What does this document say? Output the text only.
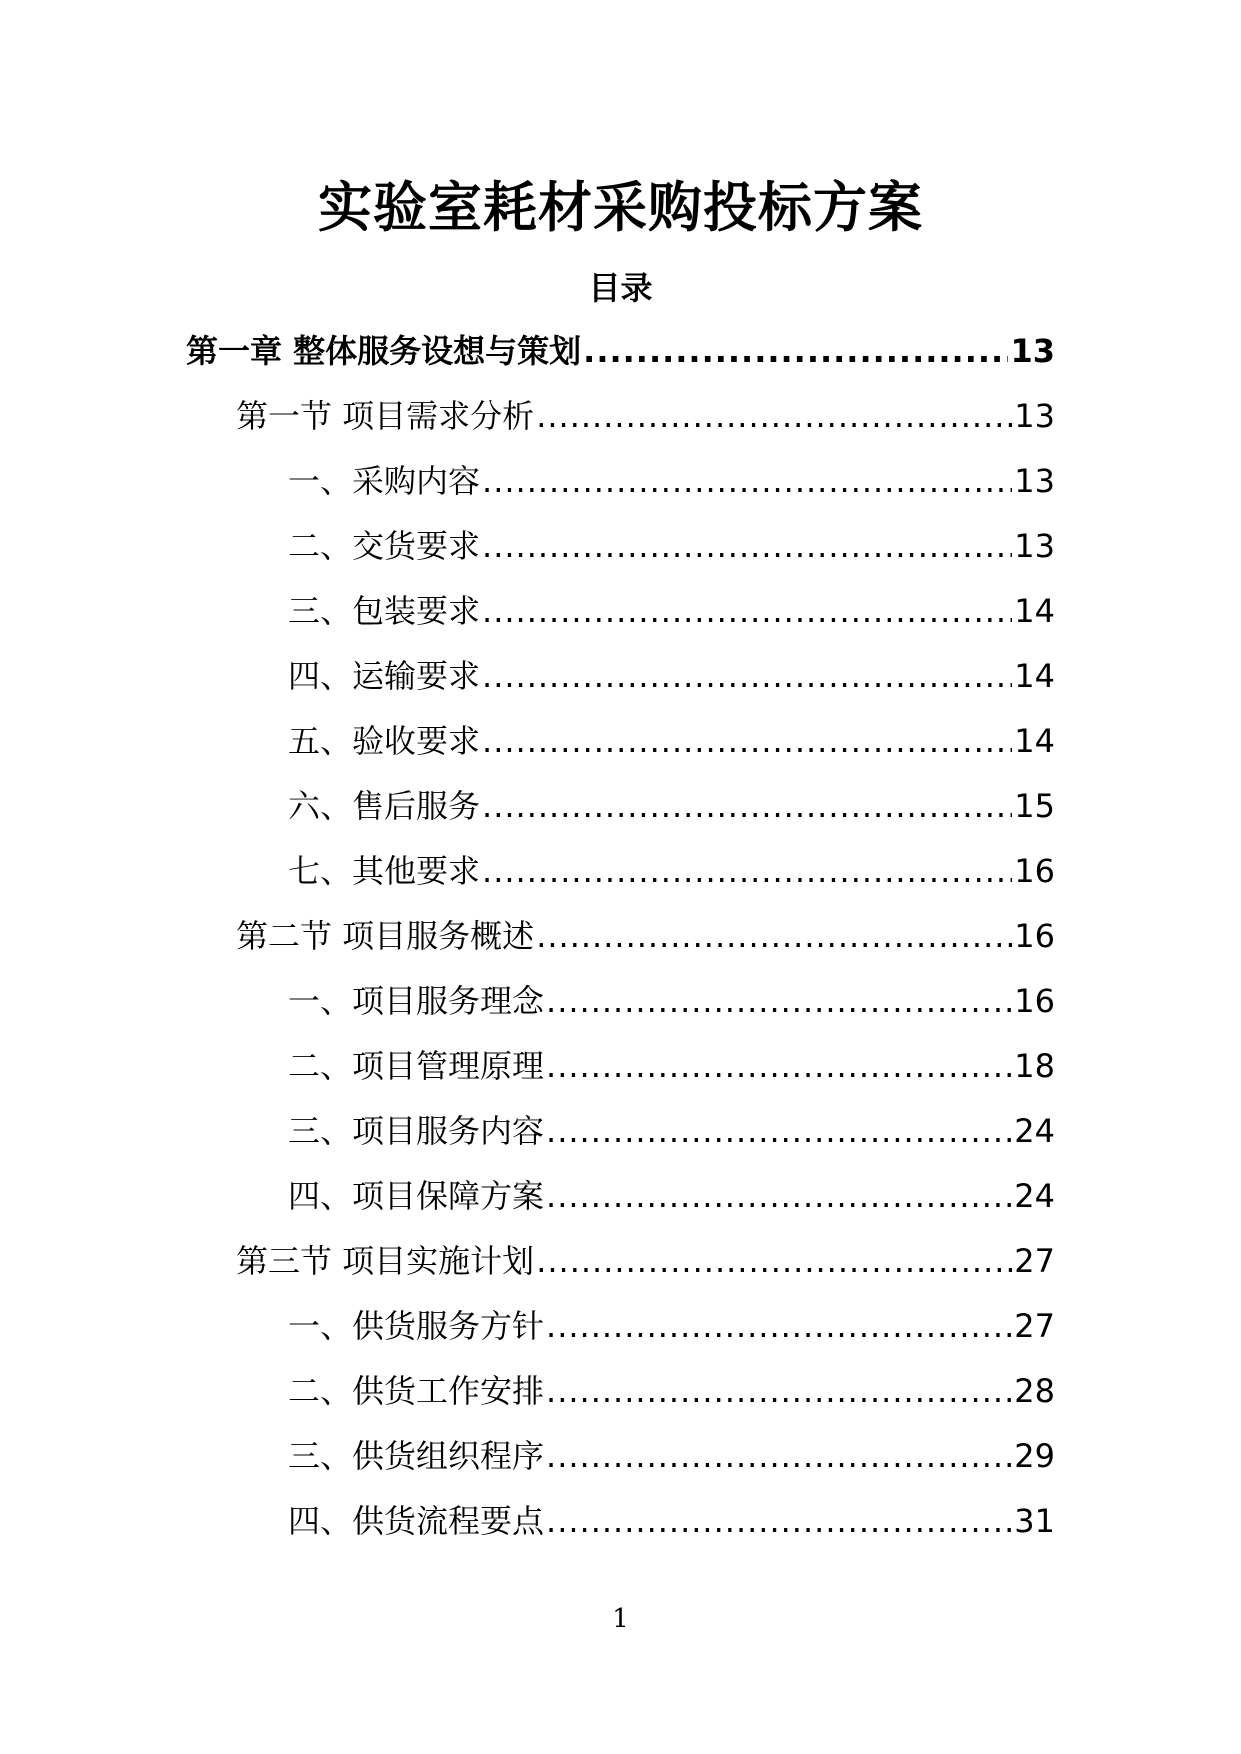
实验室耗材采购投标方案
目录
第一章 整体服务设想与策划 .....	13
第一节 项目需求分析 .....	13
一、采购内容 .....	13
二、交货要求 .....	13
三、包装要求 .....	14
四、运输要求 .....	14
五、验收要求 .....	14
六、售后服务 .....	15
七、其他要求 .....	16
第二节 项目服务概述 .....	16
一、项目服务理念 .....	16
二、项目管理原理 .....	18
三、项目服务内容 .....	24
四、项目保障方案 .....	24
第三节 项目实施计划 .....	27
一、供货服务方针 .....	27
二、供货工作安排 .....	28
三、供货组织程序 .....	29
四、供货流程要点 .....	31
1
